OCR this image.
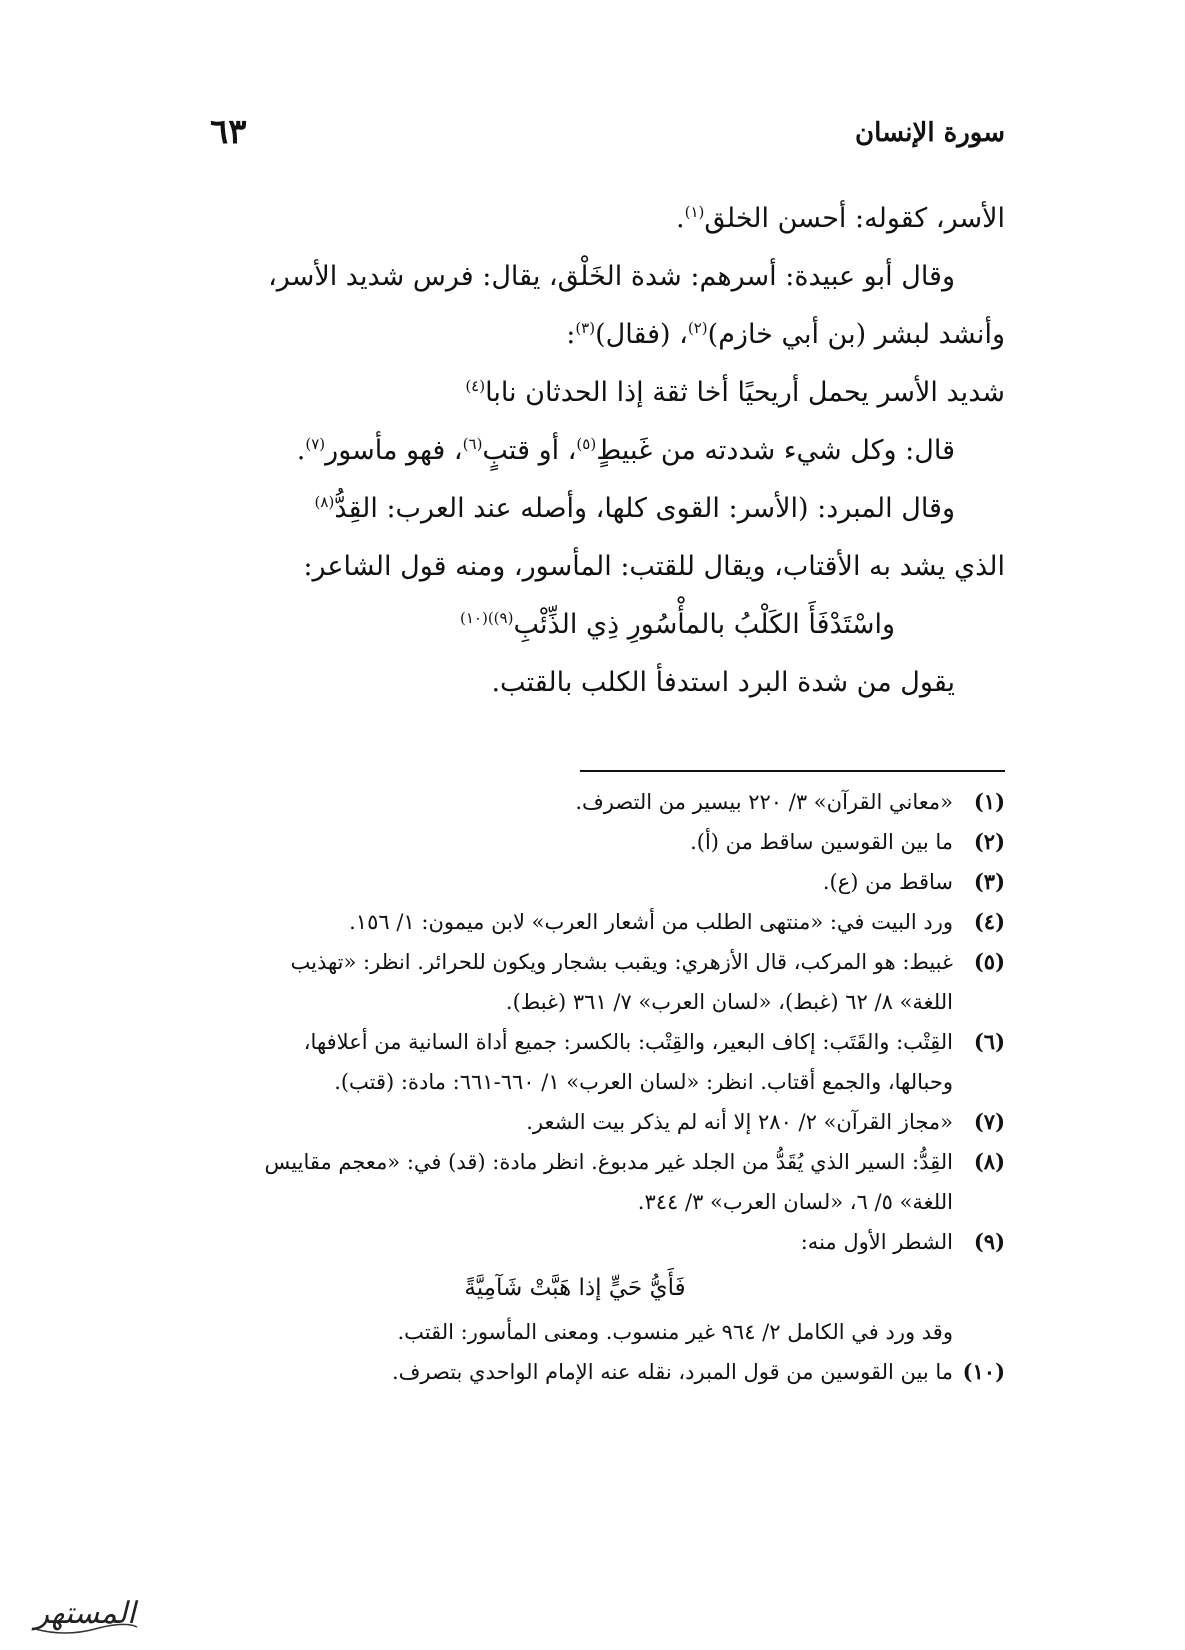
سورة الإنسان
٦٣
الأسر، كقوله: أحسن الخلق$^{(١)}$.
وقال أبو عبيدة: أسرهم: شدة الخَلْق، يقال: فرس شديد الأسر،
وأنشد لبشر (بن أبي خازم)$^{(٢)}$، (فقال)$^{(٣)}$:
شديد الأسر يحمل أريحيًا أخا ثقة إذا الحدثان نابا$^{(٤)}$
قال: وكل شيء شددته من غَبيطٍ$^{(٥)}$، أو قتبٍ$^{(٦)}$، فهو مأسور$^{(٧)}$.
وقال المبرد: (الأسر: القوى كلها، وأصله عند العرب: القِدُّ$^{(٨)}$
الذي يشد به الأقتاب، ويقال للقتب: المأسور، ومنه قول الشاعر:
واسْتَدْفَأَ الكَلْبُ بالمأْسُورِ ذِي الذِّئْبِ$^{(٩))(١٠)}$
يقول من شدة البرد استدفأ الكلب بالقتب.
(١)
«معاني القرآن» ٣/ ٢٢٠ بيسير من التصرف.
(٢)
ما بين القوسين ساقط من (أ).
(٣)
ساقط من (ع).
(٤)
ورد البيت في: «منتهى الطلب من أشعار العرب» لابن ميمون: ١/ ١٥٦.
(٥)
غبيط: هو المركب، قال الأزهري: ويقبب بشجار ويكون للحرائر. انظر: «تهذيب
اللغة» ٨/ ٦٢ (غبط)، «لسان العرب» ٧/ ٣٦١ (غبط).
(٦)
القِتْب: والقَتَب: إكاف البعير، والقِتْب: بالكسر: جميع أداة السانية من أعلافها،
وحبالها، والجمع أقتاب. انظر: «لسان العرب» ١/ ٦٦٠-٦٦١: مادة: (قتب).
(٧)
«مجاز القرآن» ٢/ ٢٨٠ إلا أنه لم يذكر بيت الشعر.
(٨)
القِدُّ: السير الذي يُقَدُّ من الجلد غير مدبوغ. انظر مادة: (قد) في: «معجم مقاييس
اللغة» ٥/ ٦، «لسان العرب» ٣/ ٣٤٤.
(٩)
الشطر الأول منه:
فَأَيُّ حَيٍّ إذا هَبَّتْ شَآمِيَّةً
وقد ورد في الكامل ٢/ ٩٦٤ غير منسوب. ومعنى المأسور: القتب.
(١٠)
ما بين القوسين من قول المبرد، نقله عنه الإمام الواحدي بتصرف.
المستهر
